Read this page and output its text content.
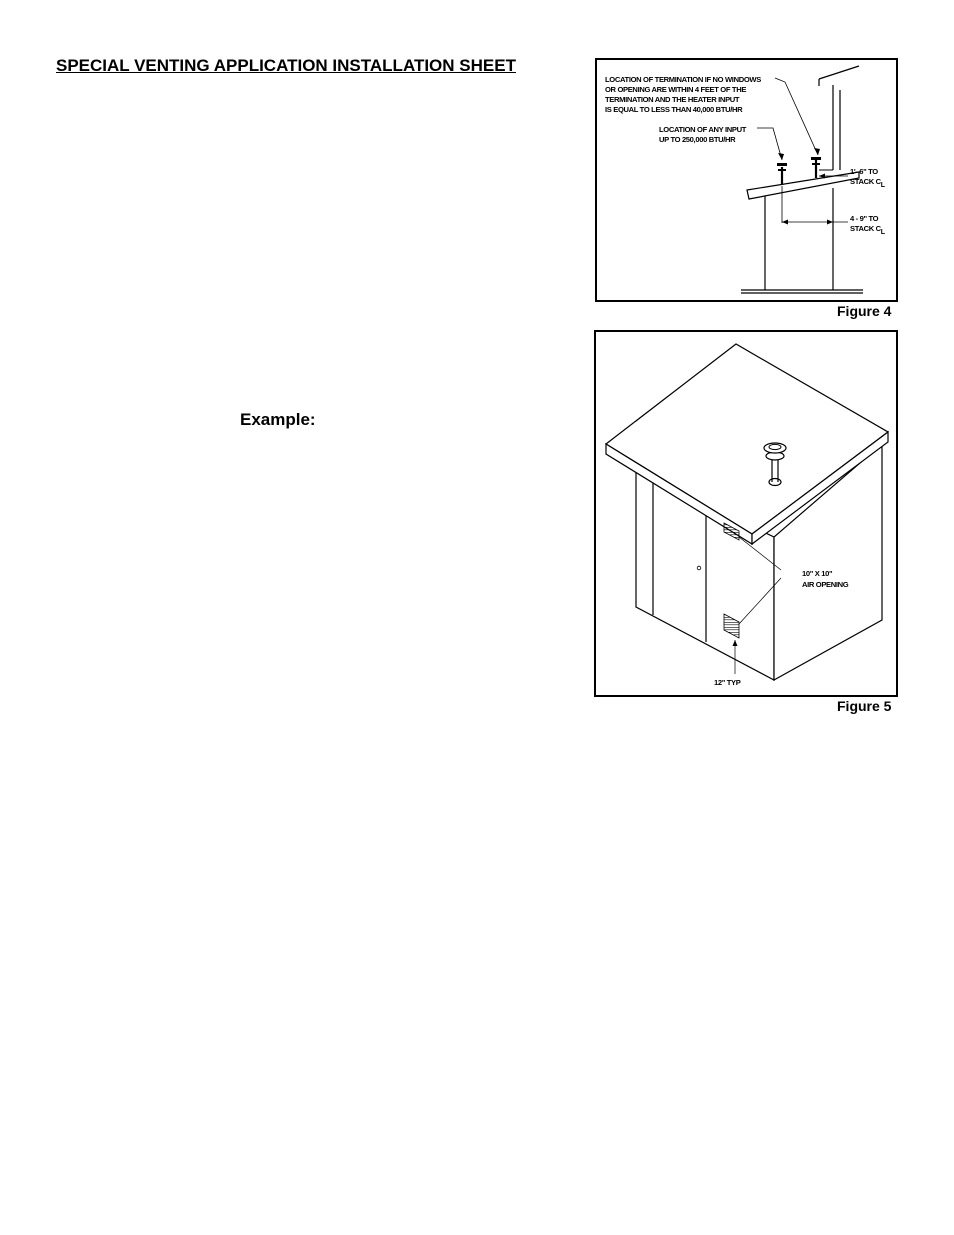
SPECIAL VENTING APPLICATION INSTALLATION SHEET
Example:
LOCATION OF TERMINATION IF NO WINDOWS
OR OPENING ARE WITHIN 4 FEET OF THE
TERMINATION AND THE HEATER INPUT
IS EQUAL TO LESS THAN 40,000 BTU/HR
LOCATION OF ANY INPUT
UP TO 250,000 BTU/HR
1'- 6" TO
STACK CL
4 - 9" TO
STACK CL
Figure 4
10" X 10"
AIR OPENING
12" TYP
Figure 5
